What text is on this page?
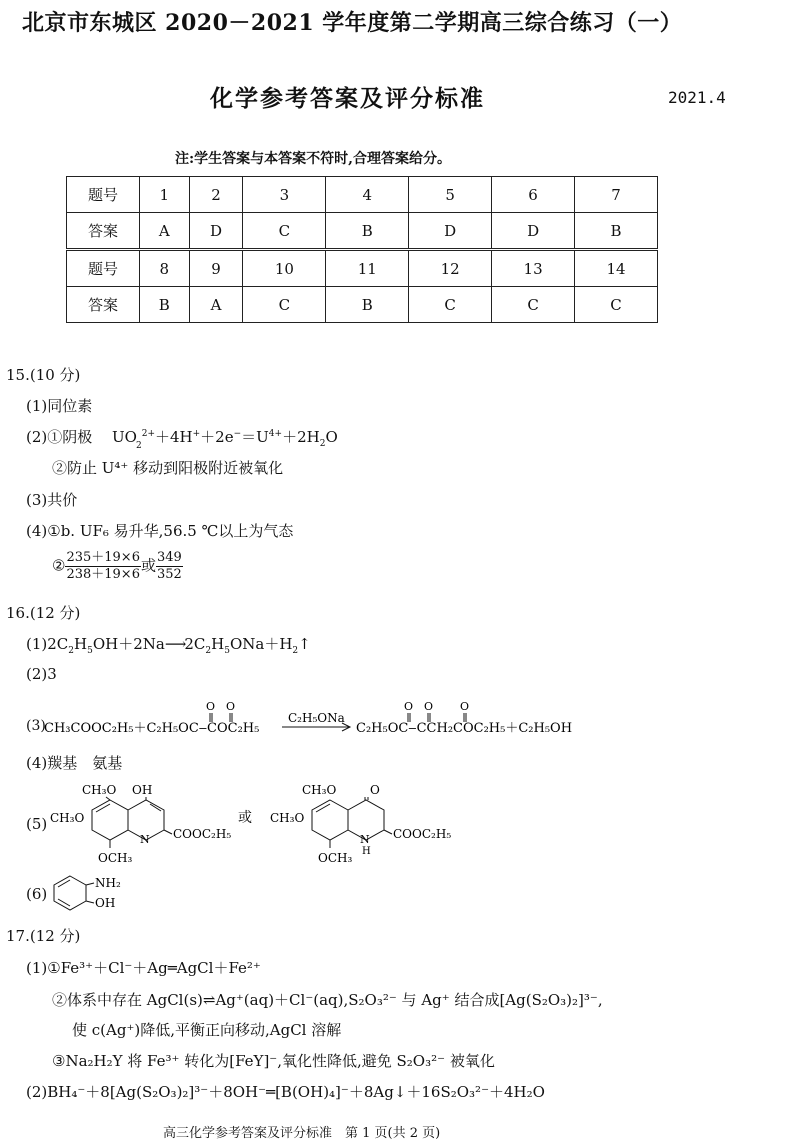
北京市东城区 2020－2021 学年度第二学期高三综合练习（一）
化学参考答案及评分标准	2021.4
注:学生答案与本答案不符时,合理答案给分。
题号	1	2	3	4	5	6	7
答案	A	D	C	B	D	D	B
题号	8	9	10	11	12	13	14
答案	B	A	C	B	C	C	C
15.(10 分)
(1)同位素
(2)①阴极  $UO_2^{2+}+4H^++2e^-=U^{4+}+2H_2O$
②防止 U⁴⁺ 移动到阳极附近被氧化
(3)共价
(4)①b. UF₆ 易升华,56.5 ℃以上为气态
② $\frac{235+19\times 6}{238+19\times 6}$ 或 $\frac{349}{352}$
16.(12 分)
$(1)2C_2H_5OH+2Na⟶2C_2H_5ONa+H_2↑$
(2)3
(3)
CH₃COOC₂H₅＋C₂H₅OC‒COC₂H₅
O O
C₂H₅ONa
C₂H₅OC‒CCH₂COC₂H₅＋C₂H₅OH
O O O
(4)羰基　氨基
(5)
CH₃O OH
CH₃O
N COOC₂H₅
OCH₃
或
CH₃O	O
CH₃O
N
H
COOC₂H₅
OCH₃
(6)
NH₂
OH
17.(12 分)
(1)①Fe³⁺＋Cl⁻＋Ag═AgCl＋Fe²⁺
②体系中存在 AgCl(s)⇌Ag⁺(aq)＋Cl⁻(aq),S₂O₃²⁻ 与 Ag⁺ 结合成[Ag(S₂O₃)₂]³⁻,
使 c(Ag⁺)降低,平衡正向移动,AgCl 溶解
③Na₂H₂Y 将 Fe³⁺ 转化为[FeY]⁻,氧化性降低,避免 S₂O₃²⁻ 被氧化
(2)BH₄⁻＋8[Ag(S₂O₃)₂]³⁻＋8OH⁻═[B(OH)₄]⁻＋8Ag↓＋16S₂O₃²⁻＋4H₂O
高三化学参考答案及评分标准　第 1 页(共 2 页)
